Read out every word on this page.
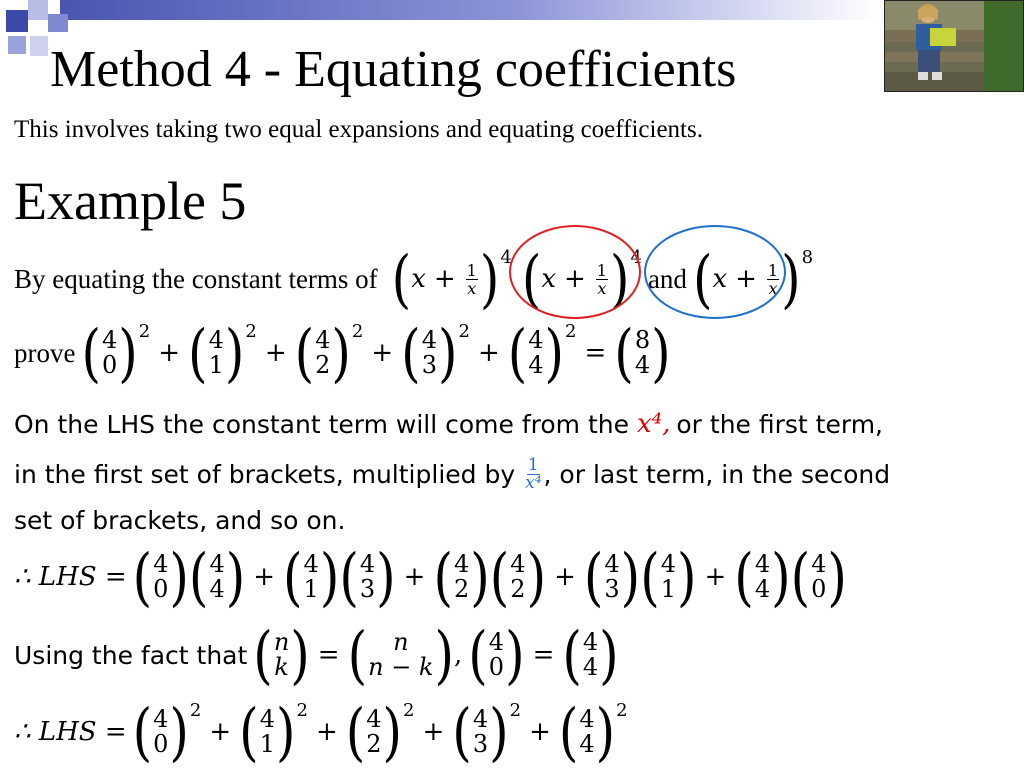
Method 4 - Equating coefficients
This involves taking two equal expansions and equating coefficients.
Example 5
By equating the constant terms of ( $x + \frac{1}{x}$ ) 4 ( $x + \frac{1}{x}$ ) 4
and ( $x + \frac{1}{x}$ ) 8
prove ( 4
0 ) 2
+ ( 4
1 ) 2
+ ( 4
2 ) 2
+ ( 4
3 ) 2
+ ( 4
4 ) 2
= ( 8
4 )
On the LHS the constant term will come from the x⁴, or the first term,
in the first set of brackets, multiplied by $\frac{1}{\text{x⁴}}$ , or last term, in the second
set of brackets, and so on.
∴ LHS = ( 4
0 ) ( 4
4 ) + ( 4
1 ) ( 4
3 ) + ( 4
2 ) ( 4
2 ) + ( 4
3 ) ( 4
1 ) + ( 4
4 ) ( 4
0 )
Using the fact that ( n
k ) = ( n
n − k ) , ( 4
0 ) = ( 4
4 )
∴ LHS = ( 4
0 ) 2
+ ( 4
1 ) 2
+ ( 4
2 ) 2
+ ( 4
3 ) 2
+ ( 4
4 ) 2
